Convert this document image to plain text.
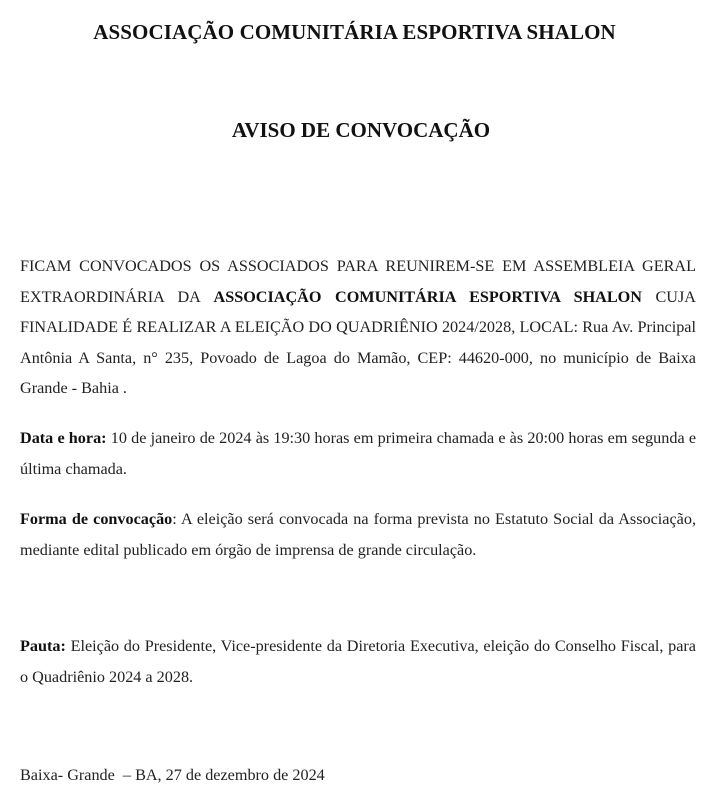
ASSOCIAÇÃO COMUNITÁRIA ESPORTIVA SHALON
AVISO DE CONVOCAÇÃO

FICAM CONVOCADOS OS ASSOCIADOS PARA REUNIREM-SE EM ASSEMBLEIA GERAL EXTRAORDINÁRIA DA ASSOCIAÇÃO COMUNITÁRIA ESPORTIVA SHALON CUJA FINALIDADE É REALIZAR A ELEIÇÃO DO QUADRIÊNIO 2024/2028, LOCAL: Rua Av. Principal Antônia A Santa, n° 235, Povoado de Lagoa do Mamão, CEP: 44620-000, no município de Baixa Grande - Bahia .

Data e hora: 10 de janeiro de 2024 às 19:30 horas em primeira chamada e às 20:00 horas em segunda e última chamada.

Forma de convocação: A eleição será convocada na forma prevista no Estatuto Social da Associação, mediante edital publicado em órgão de imprensa de grande circulação.

Pauta: Eleição do Presidente, Vice-presidente da Diretoria Executiva, eleição do Conselho Fiscal, para o Quadriênio 2024 a 2028.

Baixa- Grande  – BA, 27 de dezembro de 2024
